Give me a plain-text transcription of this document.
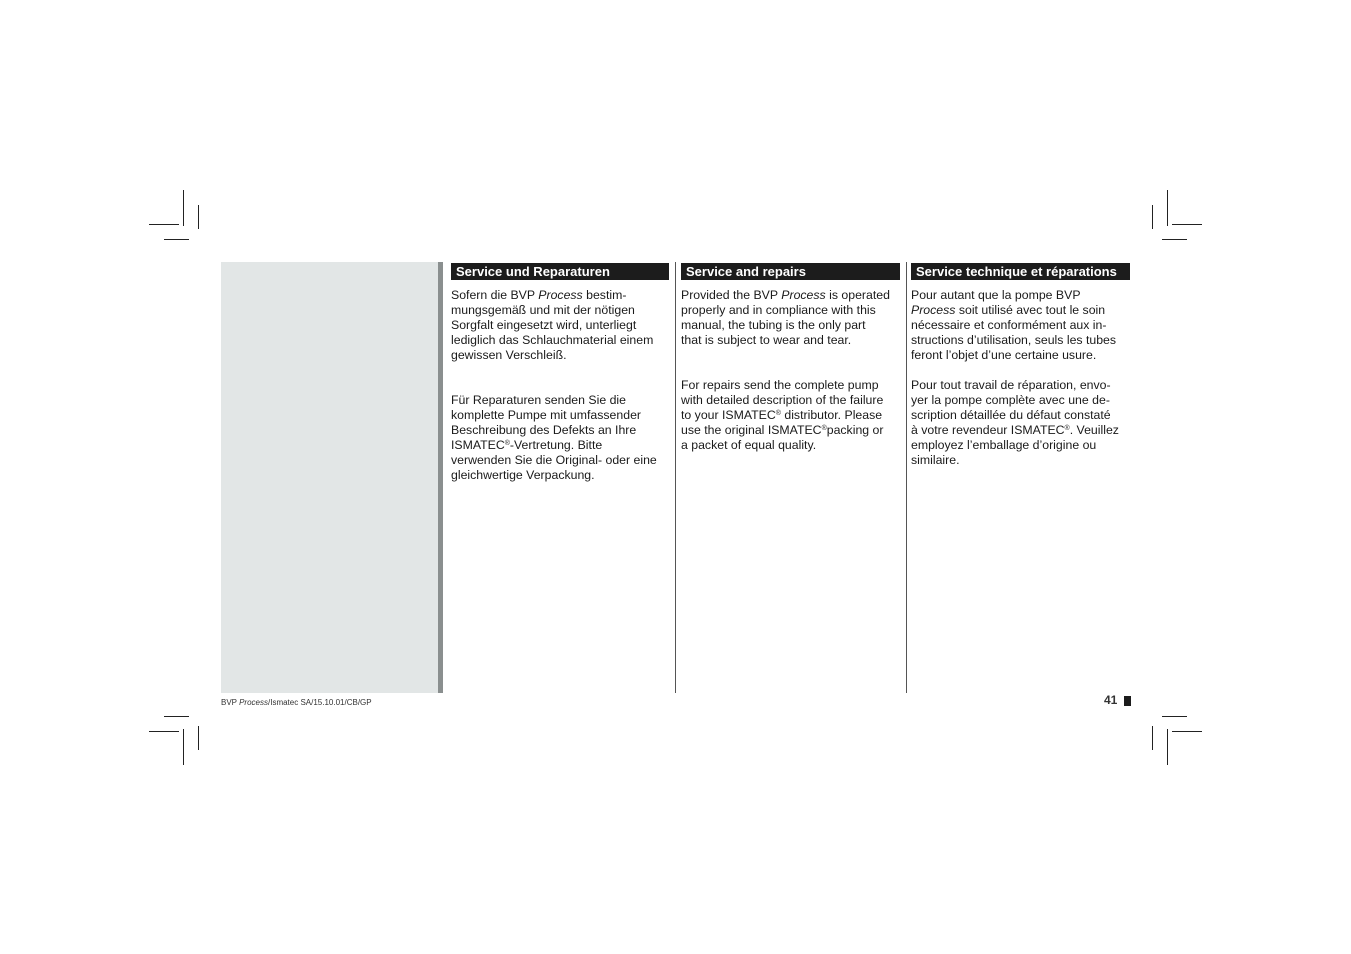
Service und Reparaturen

Sofern die BVP Process bestim-
mungsgemäß und mit der nötigen
Sorgfalt eingesetzt wird, unterliegt
lediglich das Schlauchmaterial einem
gewissen Verschleiß.

Für Reparaturen senden Sie die
komplette Pumpe mit umfassender
Beschreibung des Defekts an Ihre
ISMATEC®-Vertretung. Bitte
verwenden Sie die Original- oder eine
gleichwertige Verpackung.

Service and repairs

Provided the BVP Process is operated
properly and in compliance with this
manual, the tubing is the only part
that is subject to wear and tear.

For repairs send the complete pump
with detailed description of the failure
to your ISMATEC® distributor. Please
use the original ISMATEC®packing or
a packet of equal quality.

Service technique et réparations

Pour autant que la pompe BVP
Process soit utilisé avec tout le soin
nécessaire et conformément aux in-
structions d’utilisation, seuls les tubes
feront l’objet d’une certaine usure.

Pour tout travail de réparation, envo-
yer la pompe complète avec une de-
scription détaillée du défaut constaté
à votre revendeur ISMATEC®. Veuillez
employez l’emballage d’origine ou
similaire.

BVP Process/Ismatec SA/15.10.01/CB/GP	41
